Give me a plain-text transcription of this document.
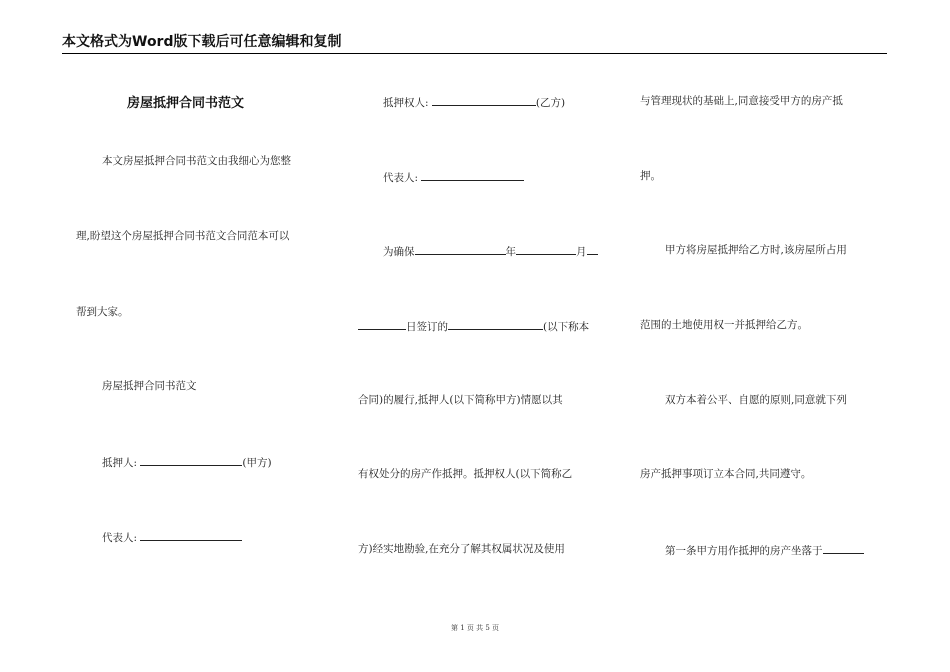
本文格式为Word版下载后可任意编辑和复制
房屋抵押合同书范文
本文房屋抵押合同书范文由我细心为您整
理,盼望这个房屋抵押合同书范文合同范本可以
帮到大家。
房屋抵押合同书范文
抵押人:	(甲方)
代表人:
抵押权人:	(乙方)
代表人:
为确保	年	月
日签订的	(以下称本
合同)的履行,抵押人(以下简称甲方)情愿以其
有权处分的房产作抵押。抵押权人(以下简称乙
方)经实地勘验,在充分了解其权属状况及使用
与管理现状的基础上,同意接受甲方的房产抵
押。
甲方将房屋抵押给乙方时,该房屋所占用
范围的土地使用权一并抵押给乙方。
双方本着公平、自愿的原则,同意就下列
房产抵押事项订立本合同,共同遵守。
第一条甲方用作抵押的房产坐落于
第 1 页 共 5 页
